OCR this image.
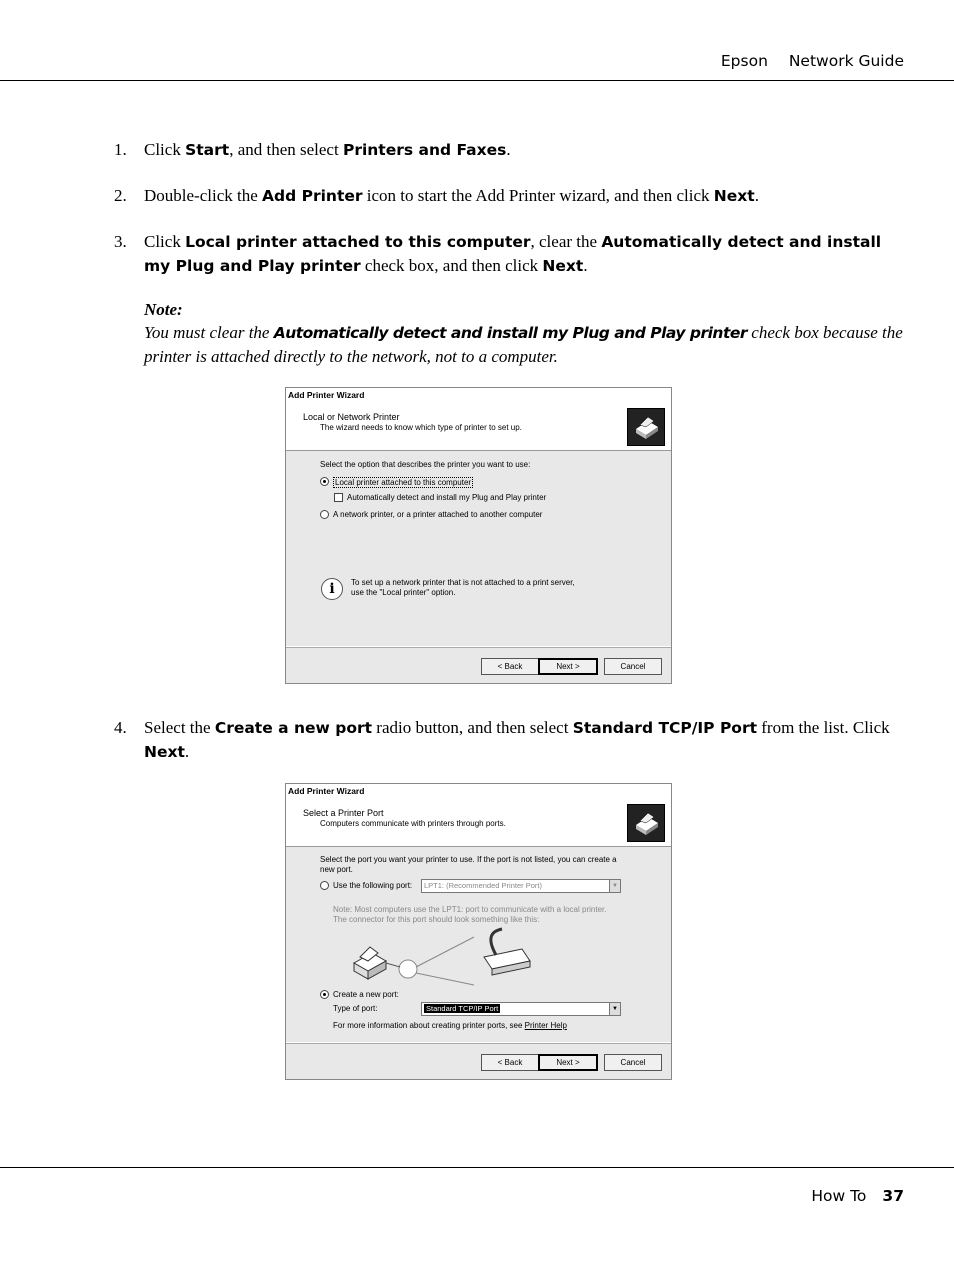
Epson Network Guide
1. Click Start, and then select Printers and Faxes.
2. Double-click the Add Printer icon to start the Add Printer wizard, and then click Next.
3. Click Local printer attached to this computer, clear the Automatically detect and install my Plug and Play printer check box, and then click Next.
Note:
You must clear the Automatically detect and install my Plug and Play printer check box because the printer is attached directly to the network, not to a computer.
Add Printer Wizard
Local or Network Printer
The wizard needs to know which type of printer to set up.
Select the option that describes the printer you want to use:
Local printer attached to this computer
Automatically detect and install my Plug and Play printer
A network printer, or a printer attached to another computer
i	To set up a network printer that is not attached to a print server,
use the "Local printer" option.
< Back	Next >	Cancel
4. Select the Create a new port radio button, and then select Standard TCP/IP Port from the list. Click Next.
Add Printer Wizard
Select a Printer Port
Computers communicate with printers through ports.
Select the port you want your printer to use. If the port is not listed, you can create a
new port.
Use the following port:	LPT1: (Recommended Printer Port)	▼
Note: Most computers use the LPT1: port to communicate with a local printer.
The connector for this port should look something like this:
Create a new port:
Type of port:	Standard TCP/IP Port	▼
For more information about creating printer ports, see Printer Help
< Back	Next >	Cancel
How To 37
